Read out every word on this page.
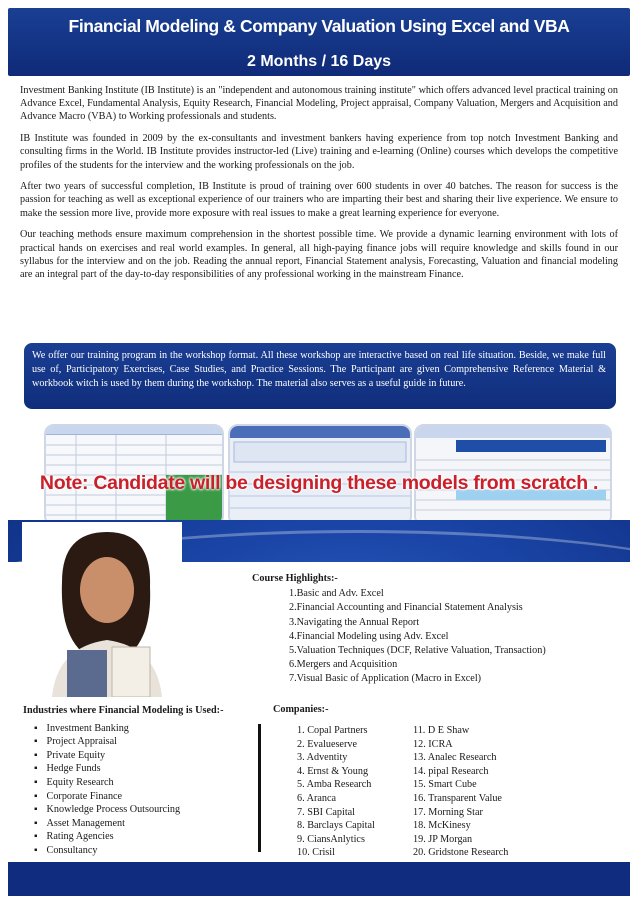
Financial Modeling & Company Valuation Using Excel and VBA
2 Months / 16 Days

Investment Banking Institute (IB Institute) is an "independent and autonomous training institute" which offers advanced level practical training on Advance Excel, Fundamental Analysis, Equity Research, Financial Modeling, Project appraisal, Company Valuation, Mergers and Acquisition and Advance Macro (VBA) to Working professionals and students.

IB Institute was founded in 2009 by the ex-consultants and investment bankers having experience from top notch Investment Banking and consulting firms in the World. IB Institute provides instructor-led (Live) training and e-learning (Online) courses which develops the competitive profiles of the students for the interview and the working professionals on the job.

After two years of successful completion, IB Institute is proud of training over 600 students in over 40 batches. The reason for success is the passion for teaching as well as exceptional experience of our trainers who are imparting their best and sharing their live experience. We ensure to make the session more live, provide more exposure with real issues to make a great learning experience for everyone.

Our teaching methods ensure maximum comprehension in the shortest possible time. We provide a dynamic learning environment with lots of practical hands on exercises and real world examples. In general, all high-paying finance jobs will require knowledge and skills found in our syllabus for the interview and on the job. Reading the annual report, Financial Statement analysis, Forecasting, Valuation and financial modeling are an integral part of the day-to-day responsibilities of any professional working in the mainstream Finance.

We offer our training program in the workshop format. All these workshop are interactive based on real life situation. Beside, we make full use of, Participatory Exercises, Case Studies, and Practice Sessions. The Participant are given Comprehensive Reference Material & workbook witch is used by them during the workshop. The material also serves as a useful guide in future.

Note: Candidate will be designing these models from scratch .
Course Highlights:-
1.Basic and Adv. Excel
2.Financial Accounting and Financial Statement Analysis
3.Navigating the Annual Report
4.Financial Modeling using Adv. Excel
5.Valuation Techniques (DCF, Relative Valuation, Transaction)
6.Mergers and Acquisition
7.Visual Basic of Application (Macro in Excel)
Industries where Financial Modeling is Used:-
▪ Investment Banking
▪ Project Appraisal
▪ Private Equity
▪ Hedge Funds
▪ Equity Research
▪ Corporate Finance
▪ Knowledge Process Outsourcing
▪ Asset Management
▪ Rating Agencies
▪ Consultancy
Companies:-
1. Copal Partners
2. Evalueserve
3. Adventity
4. Ernst & Young
5. Amba Research
6. Aranca
7. SBI Capital
8. Barclays Capital
9. CiansAnlytics
10. Crisil
11. D E Shaw
12. ICRA
13. Analec Research
14. pipal Research
15. Smart Cube
16. Transparent Value
17. Morning Star
18. McKinesy
19. JP Morgan
20. Gridstone Research
